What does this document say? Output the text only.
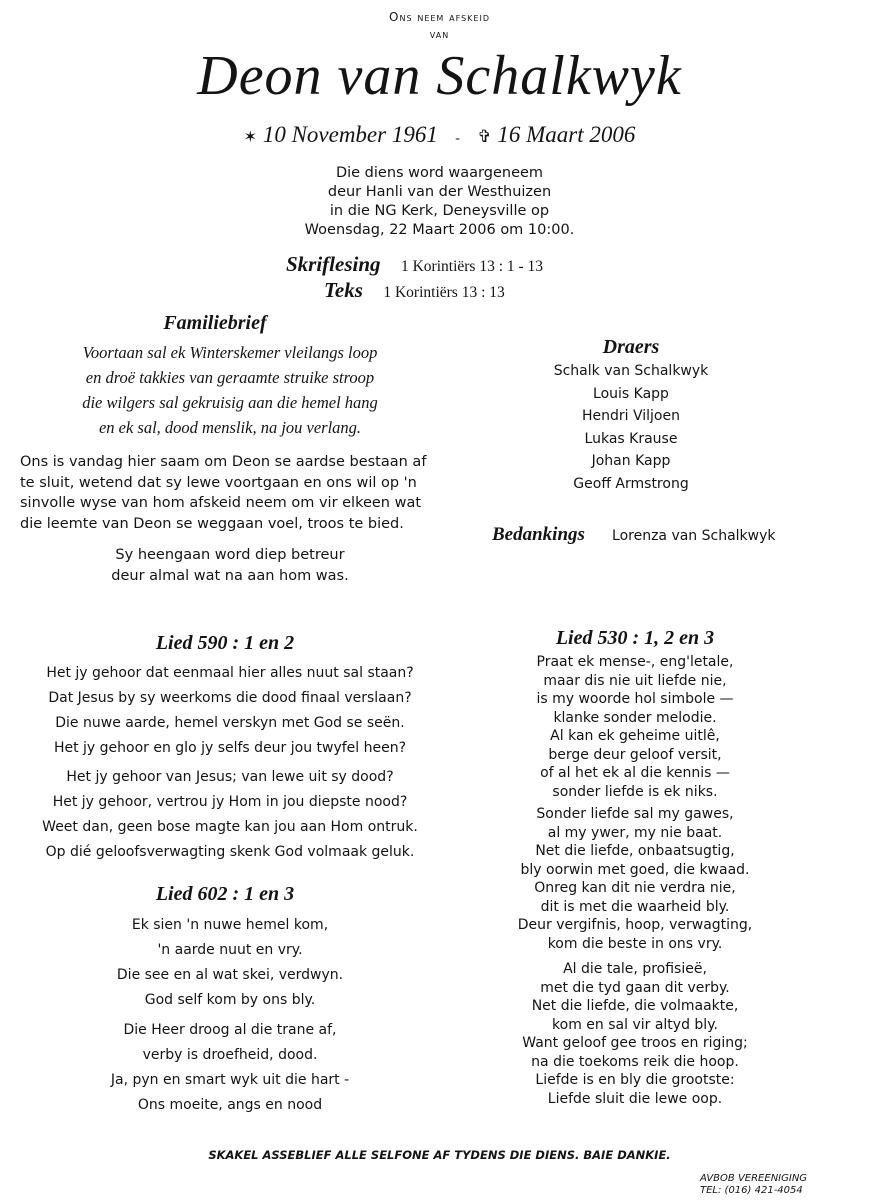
Ons neem afskeid
van
Deon van Schalkwyk
✶ 10 November 1961 - ✞ 16 Maart 2006
Die diens word waargeneem
deur Hanli van der Westhuizen
in die NG Kerk, Deneysville op
Woensdag, 22 Maart 2006 om 10:00.
Skriflesing 1 Korintiërs 13 : 1 - 13
Teks 1 Korintiërs 13 : 13
Familiebrief
Voortaan sal ek Winterskemer vleilangs loop
en droë takkies van geraamte struike stroop
die wilgers sal gekruisig aan die hemel hang
en ek sal, dood menslik, na jou verlang.
Ons is vandag hier saam om Deon se aardse bestaan af
te sluit, wetend dat sy lewe voortgaan en ons wil op 'n
sinvolle wyse van hom afskeid neem om vir elkeen wat
die leemte van Deon se weggaan voel, troos te bied.
Sy heengaan word diep betreur
deur almal wat na aan hom was.
Draers
Schalk van Schalkwyk
Louis Kapp
Hendri Viljoen
Lukas Krause
Johan Kapp
Geoff Armstrong
Bedankings Lorenza van Schalkwyk
Lied 590 : 1 en 2
Het jy gehoor dat eenmaal hier alles nuut sal staan?
Dat Jesus by sy weerkoms die dood finaal verslaan?
Die nuwe aarde, hemel verskyn met God se seën.
Het jy gehoor en glo jy selfs deur jou twyfel heen?
Het jy gehoor van Jesus; van lewe uit sy dood?
Het jy gehoor, vertrou jy Hom in jou diepste nood?
Weet dan, geen bose magte kan jou aan Hom ontruk.
Op dié geloofsverwagting skenk God volmaak geluk.
Lied 602 : 1 en 3
Ek sien 'n nuwe hemel kom,
'n aarde nuut en vry.
Die see en al wat skei, verdwyn.
God self kom by ons bly.
Die Heer droog al die trane af,
verby is droefheid, dood.
Ja, pyn en smart wyk uit die hart -
Ons moeite, angs en nood
Lied 530 : 1, 2 en 3
Praat ek mense-, eng'letale,
maar dis nie uit liefde nie,
is my woorde hol simbole —
klanke sonder melodie.
Al kan ek geheime uitlê,
berge deur geloof versit,
of al het ek al die kennis —
sonder liefde is ek niks.
Sonder liefde sal my gawes,
al my ywer, my nie baat.
Net die liefde, onbaatsugtig,
bly oorwin met goed, die kwaad.
Onreg kan dit nie verdra nie,
dit is met die waarheid bly.
Deur vergifnis, hoop, verwagting,
kom die beste in ons vry.
Al die tale, profisieë,
met die tyd gaan dit verby.
Net die liefde, die volmaakte,
kom en sal vir altyd bly.
Want geloof gee troos en riging;
na die toekoms reik die hoop.
Liefde is en bly die grootste:
Liefde sluit die lewe oop.
SKAKEL ASSEBLIEF ALLE SELFONE AF TYDENS DIE DIENS. BAIE DANKIE.
AVBOB VEREENIGING
TEL: (016) 421-4054
